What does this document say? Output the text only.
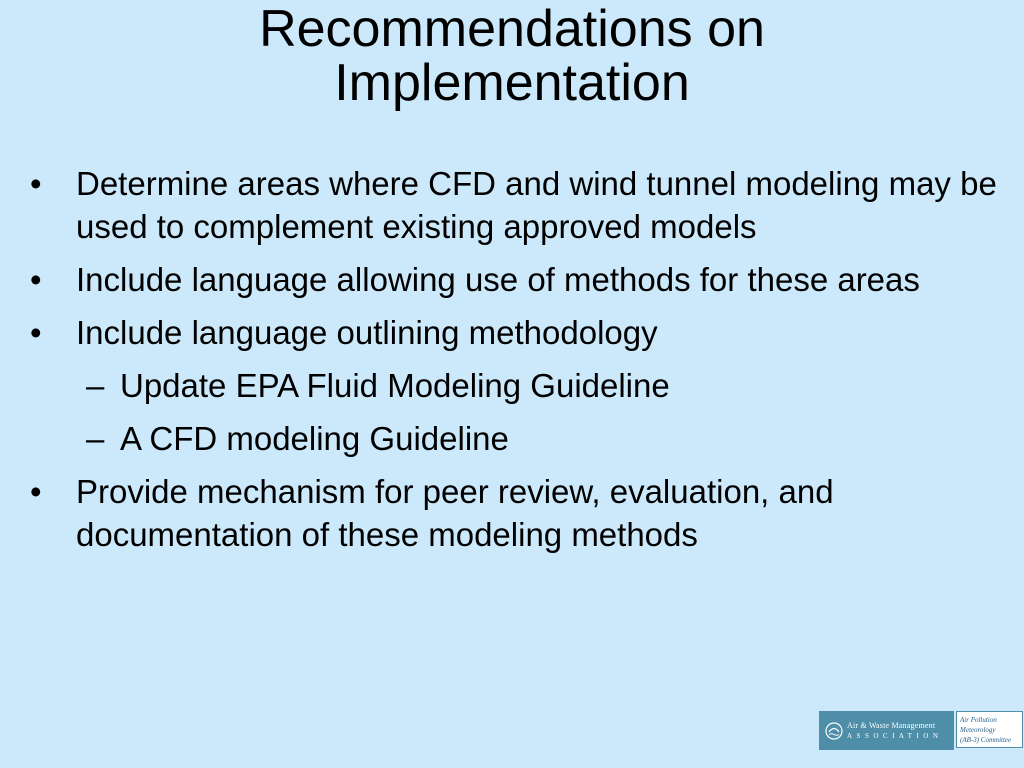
Recommendations on
Implementation
• Determine areas where CFD and wind tunnel modeling may be used to complement existing approved models
• Include language allowing use of methods for these areas
• Include language outlining methodology
– Update EPA Fluid Modeling Guideline
– A CFD modeling Guideline
• Provide mechanism for peer review, evaluation, and documentation of these modeling methods
Air & Waste Management
ASSOCIATION
Air Pollution Meteorology
(AB-3) Committee
